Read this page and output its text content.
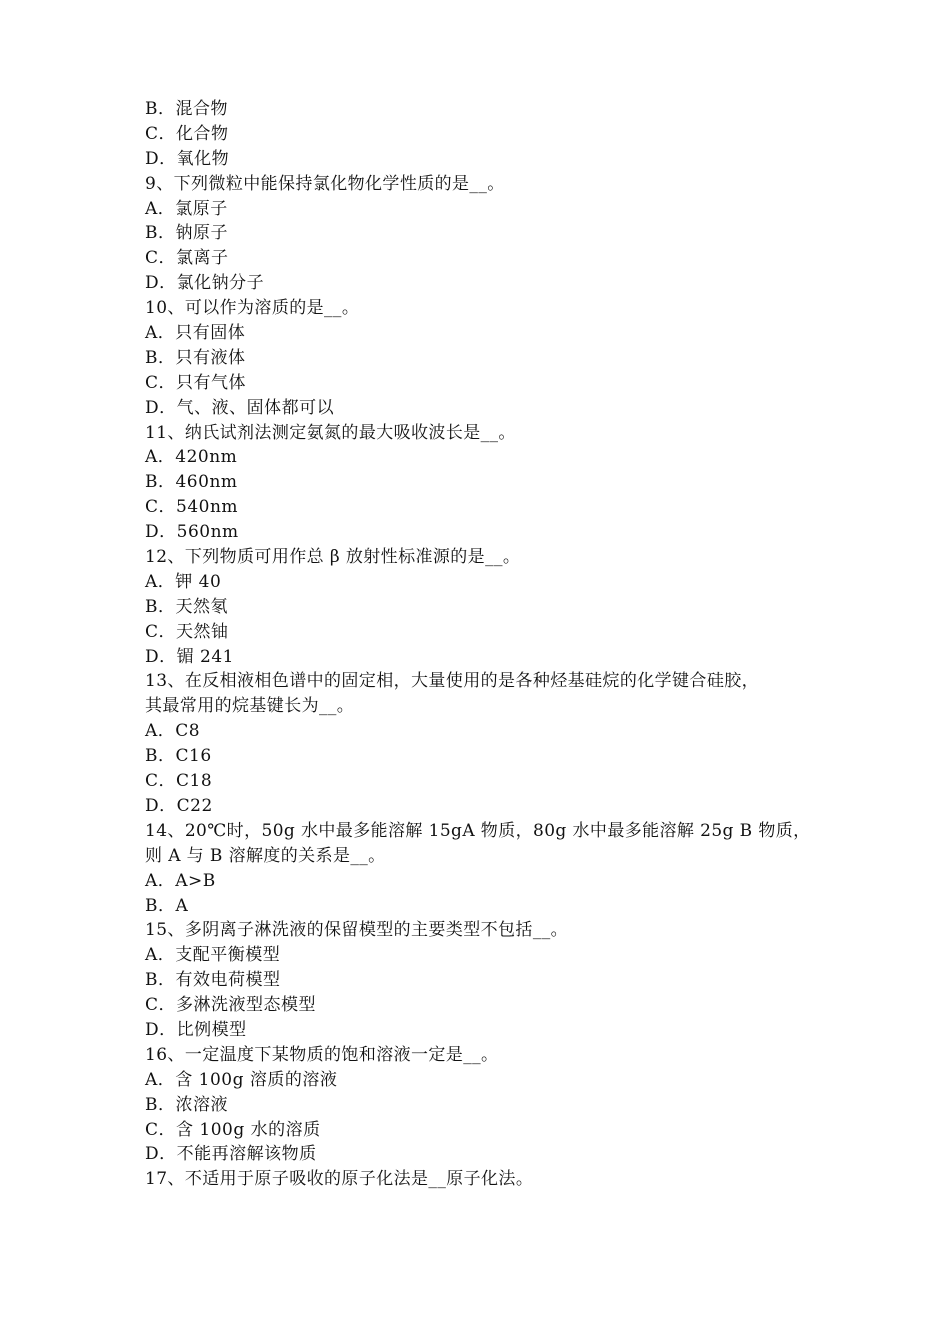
B．混合物
C．化合物
D．氧化物
9、下列微粒中能保持氯化物化学性质的是__。
A．氯原子
B．钠原子
C．氯离子
D．氯化钠分子
10、可以作为溶质的是__。
A．只有固体
B．只有液体
C．只有气体
D．气、液、固体都可以
11、纳氏试剂法测定氨氮的最大吸收波长是__。
A．420nm
B．460nm
C．540nm
D．560nm
12、下列物质可用作总 β 放射性标准源的是__。
A．钾 40
B．天然氡
C．天然铀
D．镅 241
13、在反相液相色谱中的固定相，大量使用的是各种烃基硅烷的化学键合硅胶，
其最常用的烷基键长为__。
A．C8
B．C16
C．C18
D．C22
14、20℃时，50g 水中最多能溶解 15gA 物质，80g 水中最多能溶解 25g B 物质，
则 A 与 B 溶解度的关系是__。
A．A>B
B．A
15、多阴离子淋洗液的保留模型的主要类型不包括__。
A．支配平衡模型
B．有效电荷模型
C．多淋洗液型态模型
D．比例模型
16、一定温度下某物质的饱和溶液一定是__。
A．含 100g 溶质的溶液
B．浓溶液
C．含 100g 水的溶质
D．不能再溶解该物质
17、不适用于原子吸收的原子化法是__原子化法。
